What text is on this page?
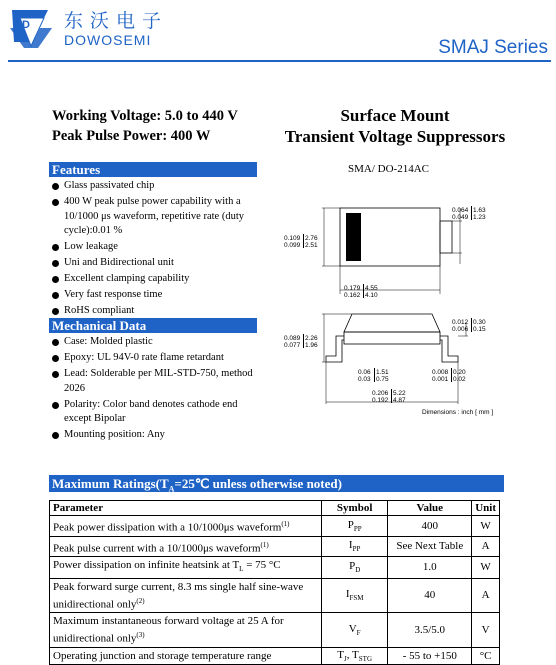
D 东沃电子
DOWOSEMI	SMAJ Series
Working Voltage: 5.0 to 440 V
Peak Pulse Power: 400 W
Surface Mount
Transient Voltage Suppressors
Features
Glass passivated chip
400 W peak pulse power capability with a 10/1000 μs waveform, repetitive rate (duty cycle):0.01 %
Low leakage
Uni and Bidirectional unit
Excellent clamping capability
Very fast response time
RoHS compliant
Mechanical Data
Case: Molded plastic
Epoxy: UL 94V-0 rate flame retardant
Lead: Solderable per MIL-STD-750, method 2026
Polarity: Color band denotes cathode end except Bipolar
Mounting position: Any
SMA/ DO-214AC
0.064
0.049
1.63
1.23
0.109
0.099
2.76
2.51
0.179
0.162
4.55
4.10
0.012
0.006
0.30
0.15
0.089
0.077
2.26
1.96
0.06
0.03
1.51
0.75
0.008
0.001
0.20
0.02
0.206
0.192
5.22
4.87
Dimensions : inch [ mm ]
Maximum $Ratings(T_A=25℃$ unless otherwise noted)
Parameter	Symbol	Value	Unit
Peak power dissipation with a 10/1000μs waveform$^{(1)}$	$P_{PP}$	400	W
Peak pulse current with a 10/1000μs waveform$^{(1)}$	$I_{PP}$	See Next Table	A
Power dissipation on infinite heatsink at $T_L = 75$ °C	$P_D$	1.0	W
Peak forward surge current, 8.3 ms single half sine-wave unidirectional only$^{(2)}$	$I_{FSM}$	40	A
Maximum instantaneous forward voltage at 25 A for unidirectional only$^{(3)}$	$V_F$	3.5/5.0	V
Operating junction and storage temperature range	$T_J$, $T_{STG}$	- 55 to +150	°C
